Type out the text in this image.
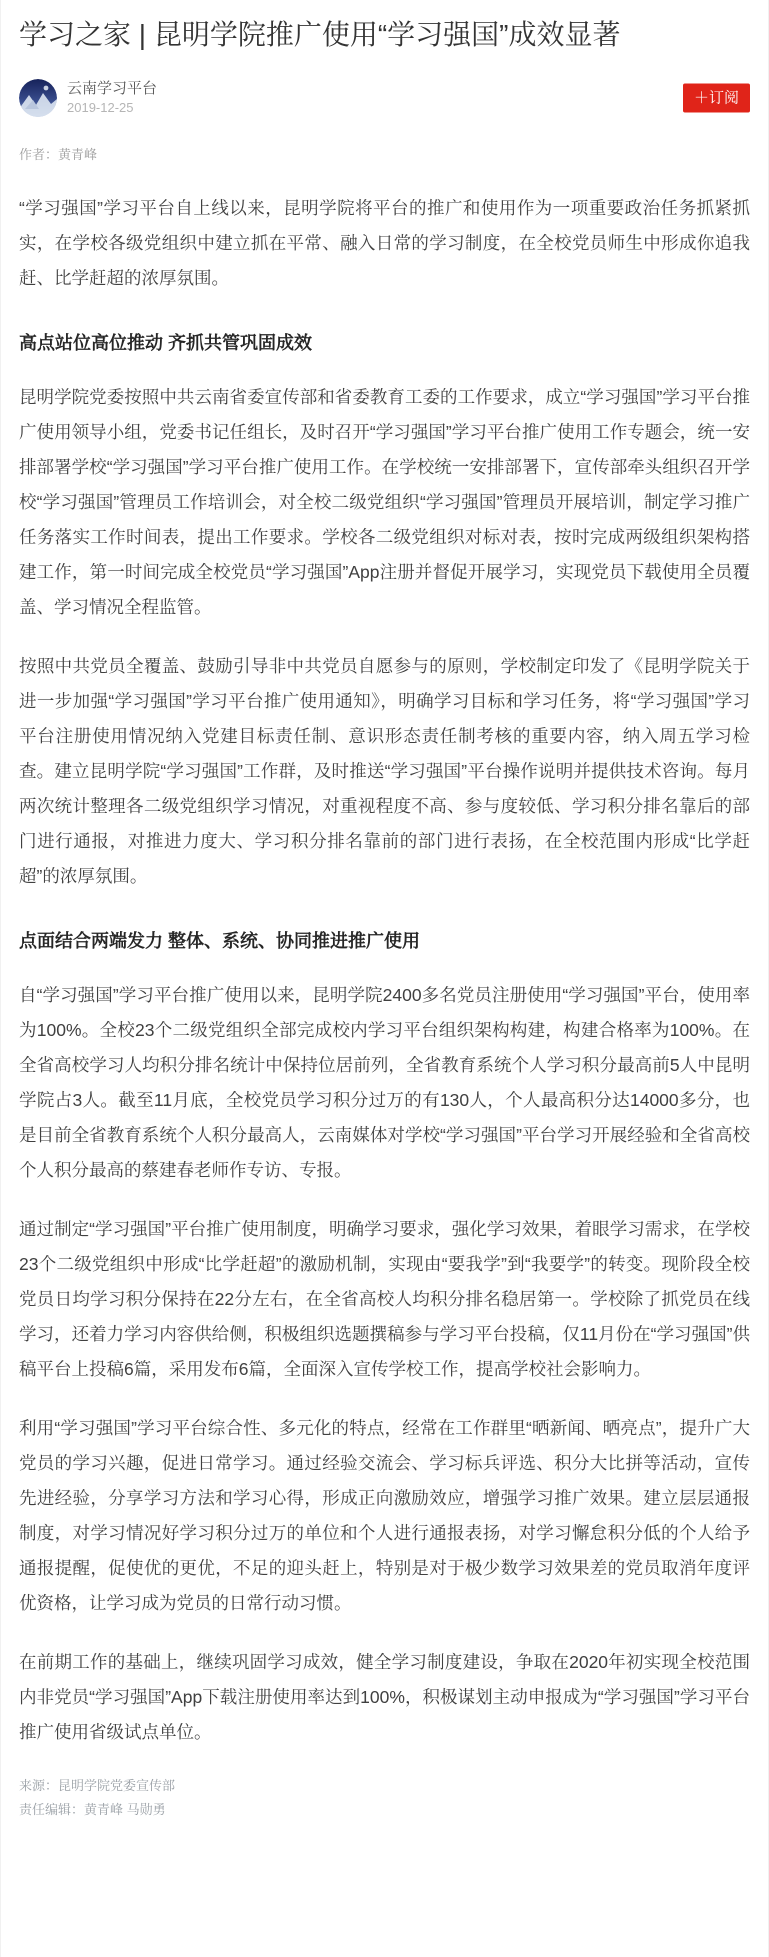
学习之家 | 昆明学院推广使用“学习强国”成效显著
云南学习平台
2019-12-25
＋订阅
作者：黄青峰

“学习强国”学习平台自上线以来，昆明学院将平台的推广和使用作为一项重要政治任务抓紧抓实，在学校各级党组织中建立抓在平常、融入日常的学习制度，在全校党员师生中形成你追我赶、比学赶超的浓厚氛围。

高点站位高位推动 齐抓共管巩固成效

昆明学院党委按照中共云南省委宣传部和省委教育工委的工作要求，成立“学习强国”学习平台推广使用领导小组，党委书记任组长，及时召开“学习强国”学习平台推广使用工作专题会，统一安排部署学校“学习强国”学习平台推广使用工作。在学校统一安排部署下，宣传部牵头组织召开学校“学习强国”管理员工作培训会，对全校二级党组织“学习强国”管理员开展培训，制定学习推广任务落实工作时间表，提出工作要求。学校各二级党组织对标对表，按时完成两级组织架构搭建工作，第一时间完成全校党员“学习强国”App注册并督促开展学习，实现党员下载使用全员覆盖、学习情况全程监管。

按照中共党员全覆盖、鼓励引导非中共党员自愿参与的原则，学校制定印发了《昆明学院关于进一步加强“学习强国”学习平台推广使用通知》，明确学习目标和学习任务，将“学习强国”学习平台注册使用情况纳入党建目标责任制、意识形态责任制考核的重要内容，纳入周五学习检查。建立昆明学院“学习强国”工作群，及时推送“学习强国”平台操作说明并提供技术咨询。每月两次统计整理各二级党组织学习情况，对重视程度不高、参与度较低、学习积分排名靠后的部门进行通报，对推进力度大、学习积分排名靠前的部门进行表扬，在全校范围内形成“比学赶超”的浓厚氛围。

点面结合两端发力 整体、系统、协同推进推广使用

自“学习强国”学习平台推广使用以来，昆明学院2400多名党员注册使用“学习强国”平台，使用率为100%。全校23个二级党组织全部完成校内学习平台组织架构构建，构建合格率为100%。在全省高校学习人均积分排名统计中保持位居前列，全省教育系统个人学习积分最高前5人中昆明学院占3人。截至11月底，全校党员学习积分过万的有130人，个人最高积分达14000多分，也是目前全省教育系统个人积分最高人，云南媒体对学校“学习强国”平台学习开展经验和全省高校个人积分最高的蔡建春老师作专访、专报。

通过制定“学习强国”平台推广使用制度，明确学习要求，强化学习效果，着眼学习需求，在学校23个二级党组织中形成“比学赶超”的激励机制，实现由“要我学”到“我要学”的转变。现阶段全校党员日均学习积分保持在22分左右，在全省高校人均积分排名稳居第一。学校除了抓党员在线学习，还着力学习内容供给侧，积极组织选题撰稿参与学习平台投稿，仅11月份在“学习强国”供稿平台上投稿6篇，采用发布6篇，全面深入宣传学校工作，提高学校社会影响力。

利用“学习强国”学习平台综合性、多元化的特点，经常在工作群里“晒新闻、晒亮点”，提升广大党员的学习兴趣，促进日常学习。通过经验交流会、学习标兵评选、积分大比拼等活动，宣传先进经验，分享学习方法和学习心得，形成正向激励效应，增强学习推广效果。建立层层通报制度，对学习情况好学习积分过万的单位和个人进行通报表扬，对学习懈怠积分低的个人给予通报提醒，促使优的更优，不足的迎头赶上，特别是对于极少数学习效果差的党员取消年度评优资格，让学习成为党员的日常行动习惯。

在前期工作的基础上，继续巩固学习成效，健全学习制度建设，争取在2020年初实现全校范围内非党员“学习强国”App下载注册使用率达到100%，积极谋划主动申报成为“学习强国”学习平台推广使用省级试点单位。

来源：昆明学院党委宣传部
责任编辑：黄青峰 马勋勇
